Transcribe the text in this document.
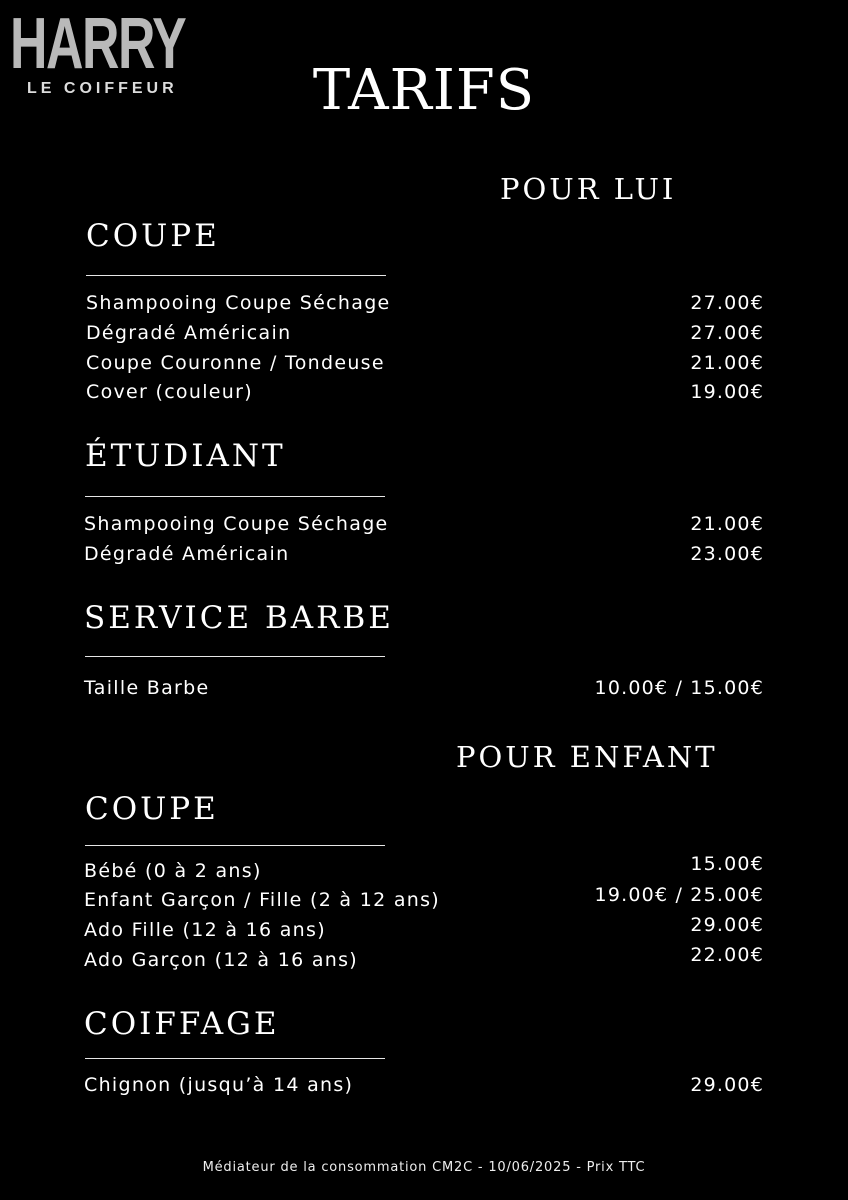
HARRY
LE COIFFEUR	TARIFS
POUR LUI
COUPE
Shampooing Coupe Séchage	27.00€
Dégradé Américain	27.00€
Coupe Couronne / Tondeuse	21.00€
Cover (couleur)	19.00€
ÉTUDIANT
Shampooing Coupe Séchage	21.00€
Dégradé Américain	23.00€
SERVICE BARBE
Taille Barbe	10.00€ / 15.00€
POUR ENFANT
COUPE
Bébé (0 à 2 ans)	15.00€
Enfant Garçon / Fille (2 à 12 ans)	19.00€ / 25.00€
Ado Fille (12 à 16 ans)	29.00€
Ado Garçon (12 à 16 ans)	22.00€
COIFFAGE
Chignon (jusqu’à 14 ans)	29.00€
Médiateur de la consommation CM2C - 10/06/2025 - Prix TTC
